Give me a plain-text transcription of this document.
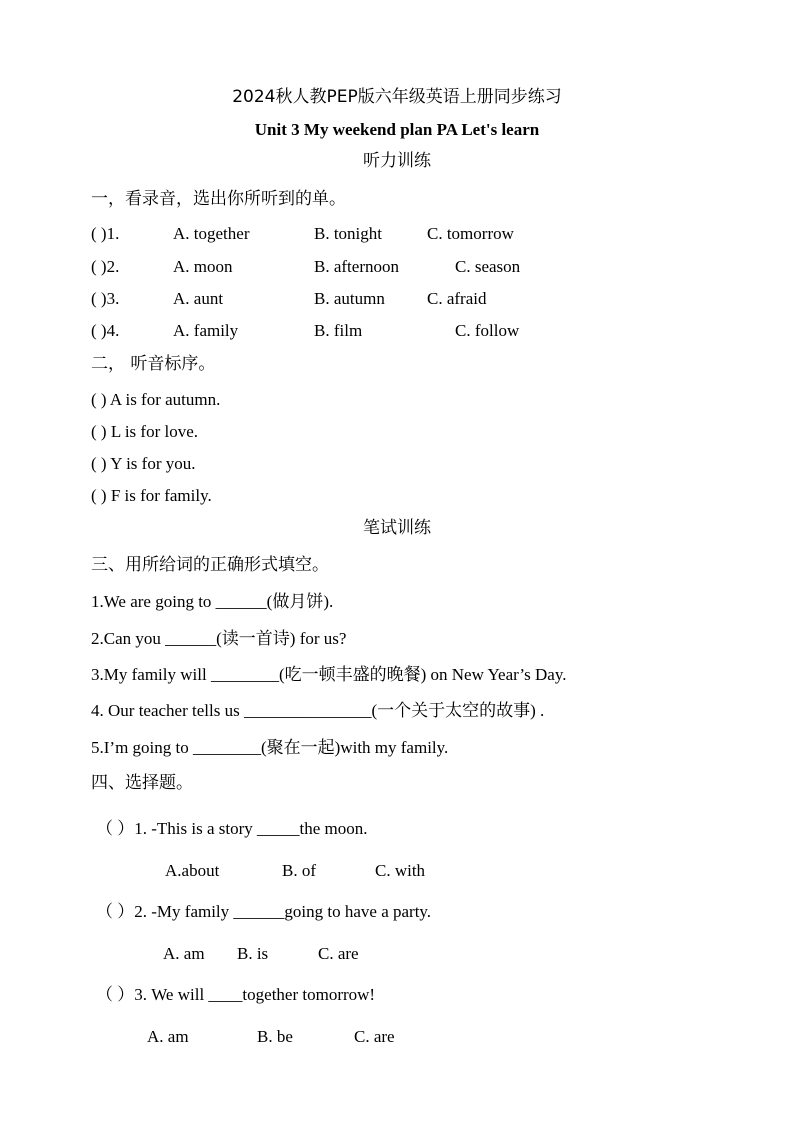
2024秋人教PEP版六年级英语上册同步练习
Unit 3 My weekend plan PA Let's learn
听力训练
一，看录音，选出你所听到的单。
( )1.	A. together	B. tonight	C. tomorrow
( )2.	A. moon	B. afternoon	C. season
( )3.	A. aunt	B. autumn C. afraid
( )4.	A. family	B. film	C. follow
二， 听音标序。
( ) A is for autumn.
( ) L is for love.
( ) Y is for you.
( ) F is for family.
笔试训练
三、用所给词的正确形式填空。
1.We are going to ______(做月饼).
2.Can you ______(读一首诗) for us?
3.My family will ________(吃一顿丰盛的晚餐) on New Year’s Day.
4. Our teacher tells us _______________(一个关于太空的故事) .
5.I’m going to ________(聚在一起)with my family.
四、选择题。
（ ）1. -This is a story _____the moon.
A.about	B. of	C. with
（ ）2. -My family ______going to have a party.
A. am B. is	C. are
（ ）3. We will ____together tomorrow!
A. am	B. be	C. are
